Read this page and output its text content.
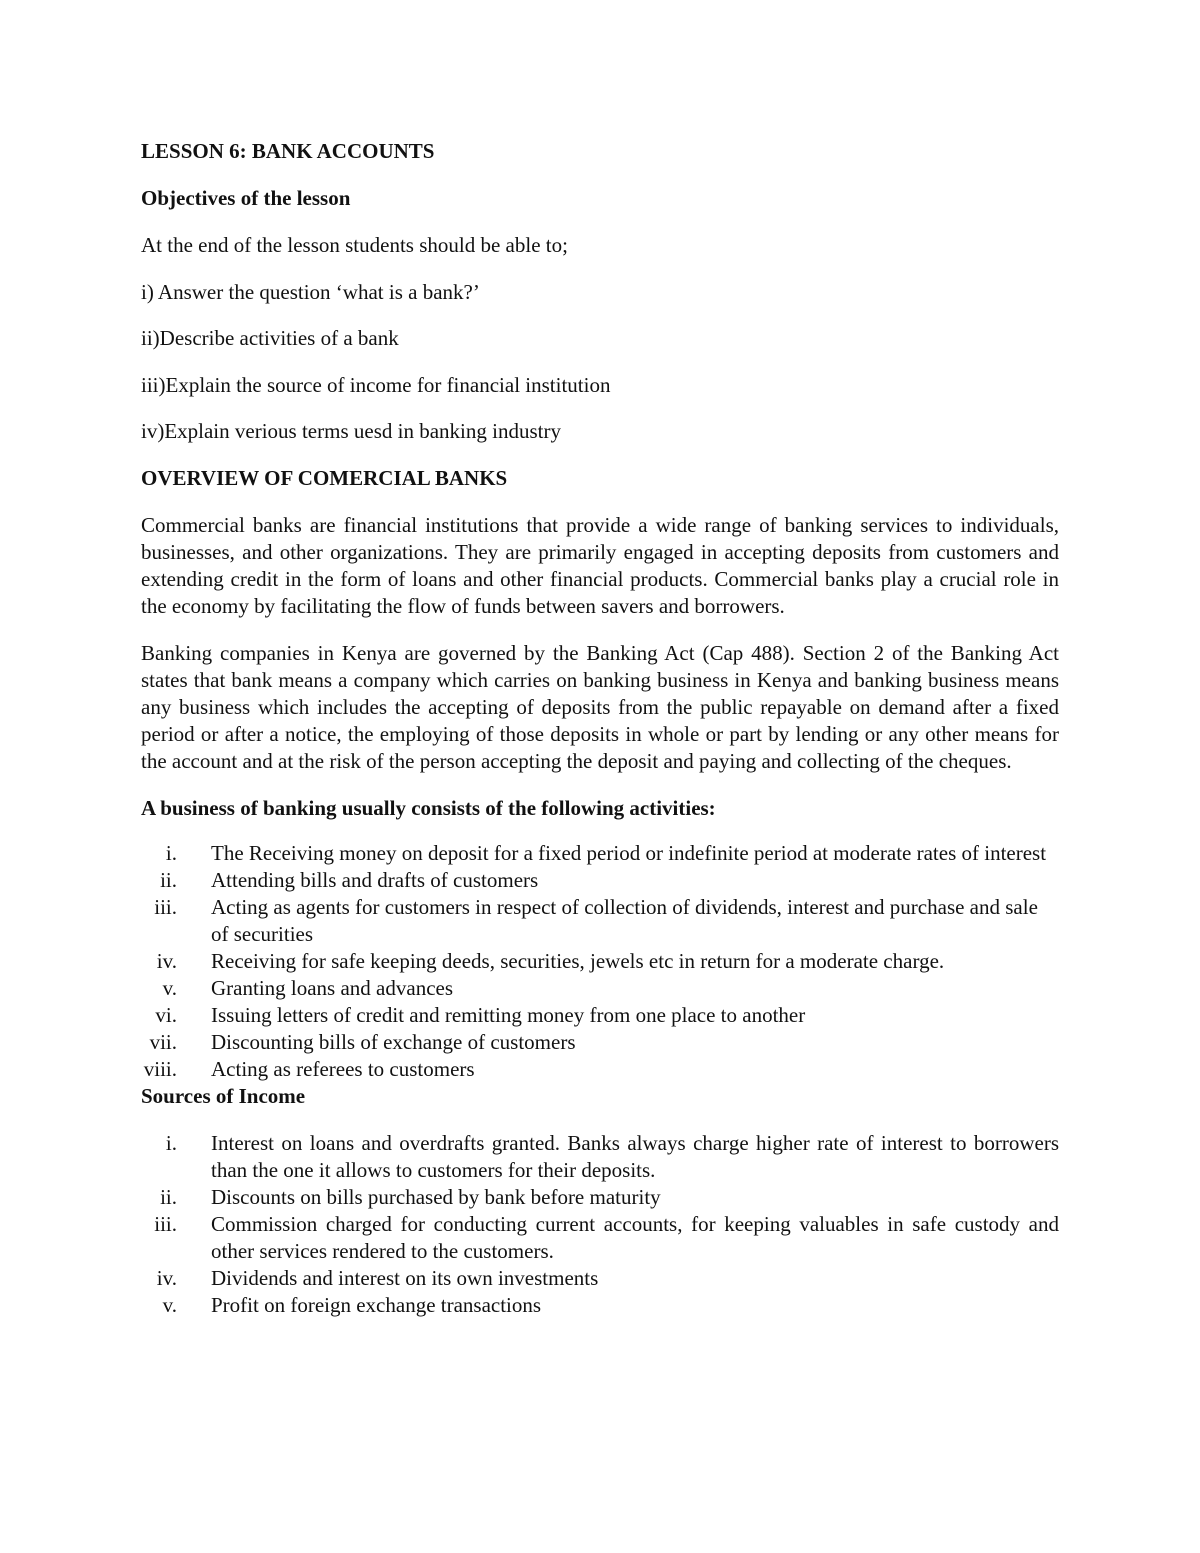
LESSON 6: BANK ACCOUNTS
Objectives of the lesson
At the end of the lesson students should be able to;
i) Answer the question ‘what is a bank?’
ii)Describe activities of a bank
iii)Explain the source of income for financial institution
iv)Explain verious terms uesd in banking industry
OVERVIEW OF COMERCIAL BANKS
Commercial banks are financial institutions that provide a wide range of banking services to individuals, businesses, and other organizations. They are primarily engaged in accepting deposits from customers and extending credit in the form of loans and other financial products. Commercial banks play a crucial role in the economy by facilitating the flow of funds between savers and borrowers.
Banking companies in Kenya are governed by the Banking Act (Cap 488). Section 2 of the Banking Act states that bank means a company which carries on banking business in Kenya and banking business means any business which includes the accepting of deposits from the public repayable on demand after a fixed period or after a notice, the employing of those deposits in whole or part by lending or any other means for the account and at the risk of the person accepting the deposit and paying and collecting of the cheques.
A business of banking usually consists of the following activities:
i. The Receiving money on deposit for a fixed period or indefinite period at moderate rates of interest
ii. Attending bills and drafts of customers
iii. Acting as agents for customers in respect of collection of dividends, interest and purchase and sale of securities
iv. Receiving for safe keeping deeds, securities, jewels etc in return for a moderate charge.
v. Granting loans and advances
vi. Issuing letters of credit and remitting money from one place to another
vii. Discounting bills of exchange of customers
viii. Acting as referees to customers
Sources of Income
i. Interest on loans and overdrafts granted. Banks always charge higher rate of interest to borrowers than the one it allows to customers for their deposits.
ii. Discounts on bills purchased by bank before maturity
iii. Commission charged for conducting current accounts, for keeping valuables in safe custody and other services rendered to the customers.
iv. Dividends and interest on its own investments
v. Profit on foreign exchange transactions
